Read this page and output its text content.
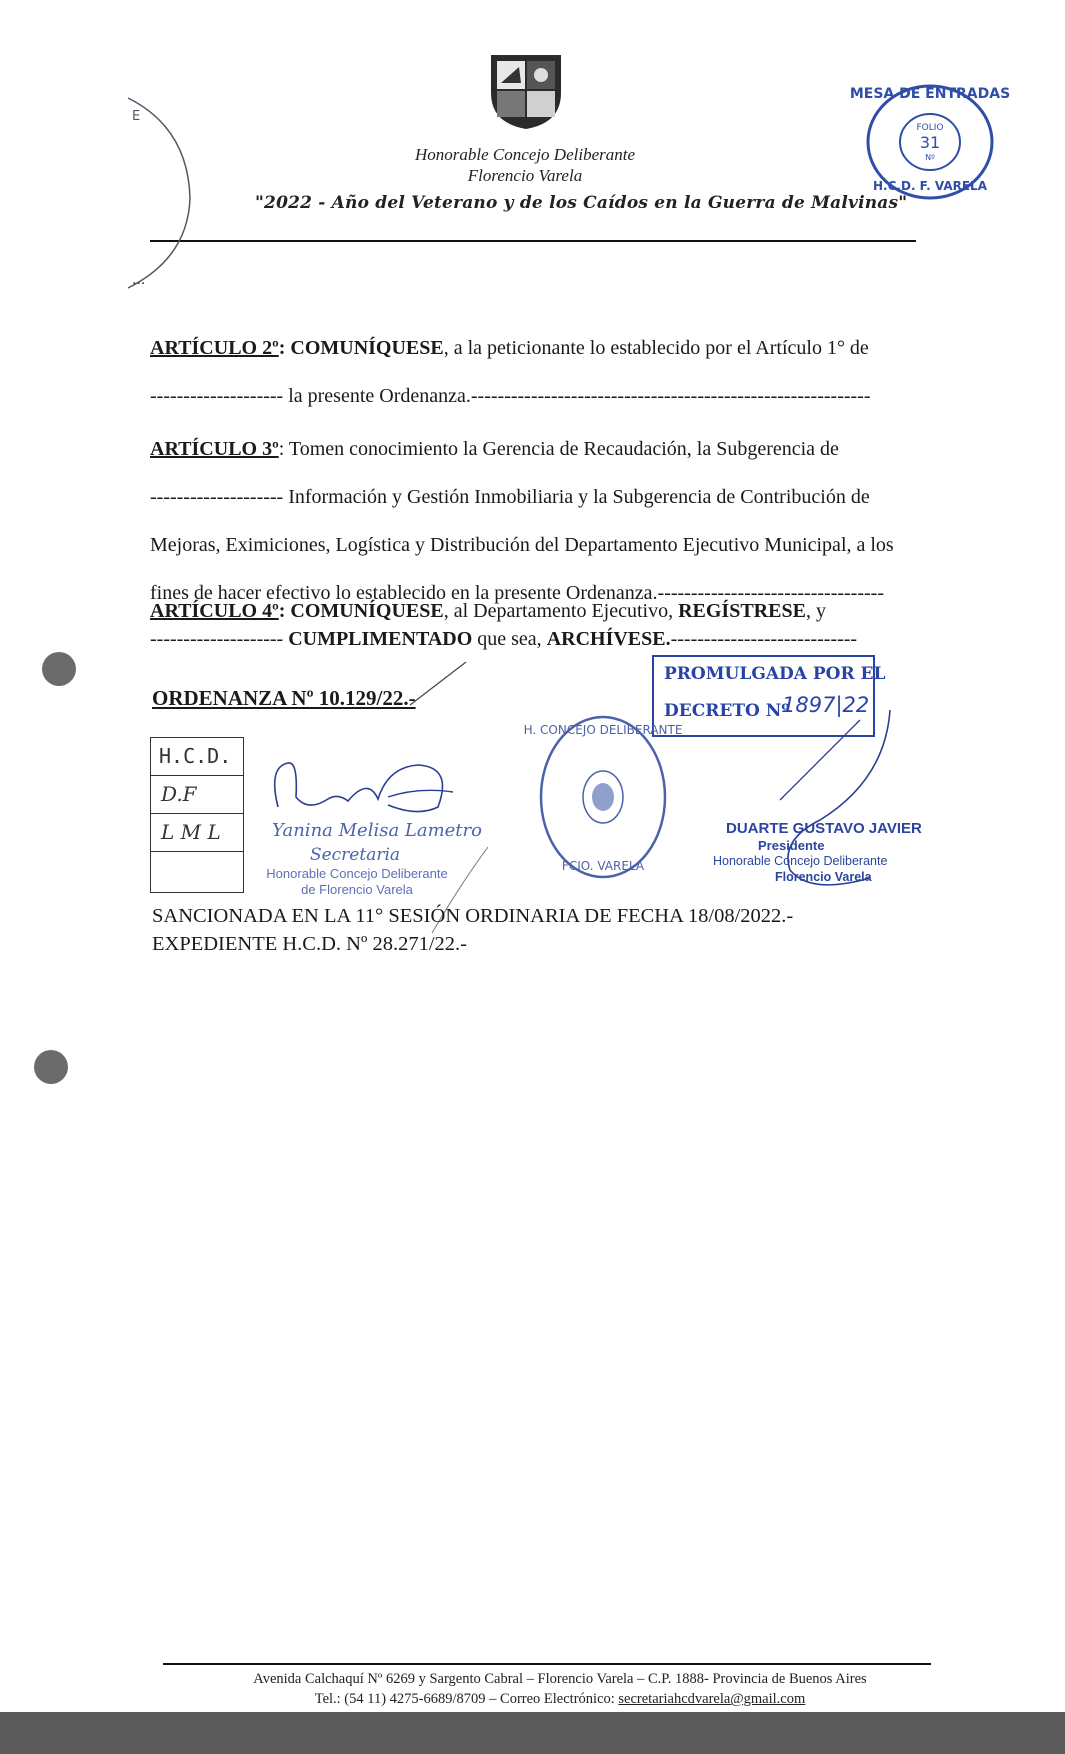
Honorable Concejo Deliberante
Florencio Varela
"2022 - Año del Veterano y de los Caídos en la Guerra de Malvinas"
MESA DE ENTRADAS
FOLIO
31
Nº
H.C.D. F. VARELA
E
...

ARTÍCULO 2º: COMUNÍQUESE, a la peticionante lo establecido por el Artículo 1° de

-------------------- la presente Ordenanza.------------------------------------------------------------

ARTÍCULO 3º: Tomen conocimiento la Gerencia de Recaudación, la Subgerencia de

-------------------- Información y Gestión Inmobiliaria y la Subgerencia de Contribución de

Mejoras, Eximiciones, Logística y Distribución del Departamento Ejecutivo Municipal, a los

fines de hacer efectivo lo establecido en la presente Ordenanza.----------------------------------

ARTÍCULO 4º: COMUNÍQUESE, al Departamento Ejecutivo, REGÍSTRESE, y

-------------------- CUMPLIMENTADO que sea, ARCHÍVESE.----------------------------

ORDENANZA Nº 10.129/22.-
PROMULGADA POR EL
DECRETO Nº
1897|22
H.C.D.
D.F
L M L	Yanina Melisa Lametro
Secretaria
Honorable Concejo Deliberante
de Florencio Varela
H. CONCEJO DELIBERANTE
FCIO. VARELA
DUARTE GUSTAVO JAVIER
Presidente
Honorable Concejo Deliberante
Florencio Varela
SANCIONADA EN LA 11° SESIÓN ORDINARIA DE FECHA 18/08/2022.-
EXPEDIENTE H.C.D. Nº 28.271/22.-
Avenida Calchaquí Nº 6269 y Sargento Cabral – Florencio Varela – C.P. 1888- Provincia de Buenos Aires
Tel.: (54 11) 4275-6689/8709 – Correo Electrónico: secretariahcdvarela@gmail.com
